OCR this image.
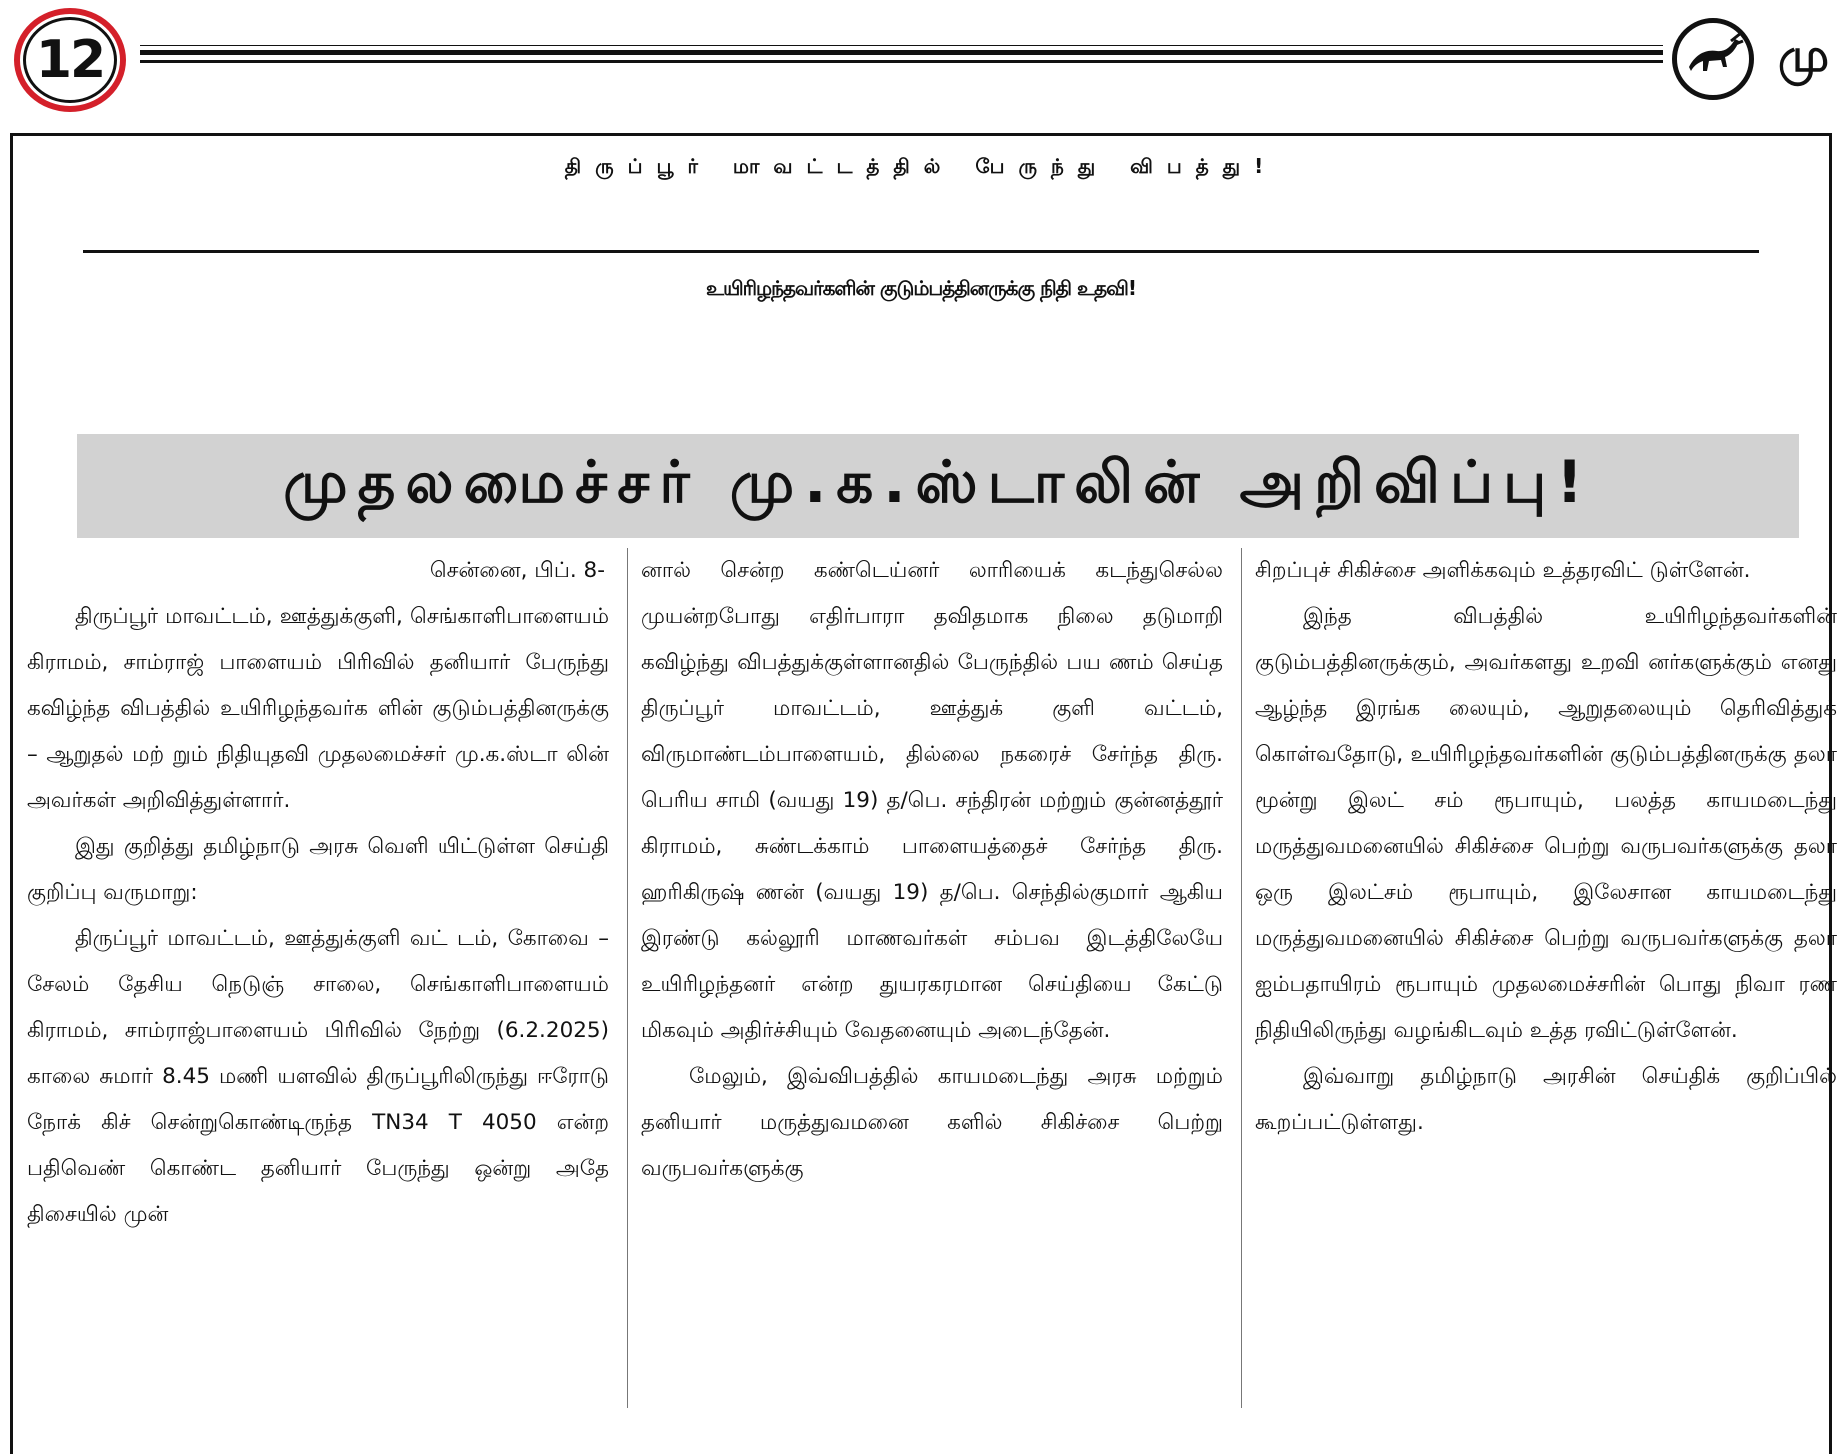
12	மு
திருப்பூர் மாவட்டத்தில் பேருந்து விபத்து!
உயிரிழந்தவர்களின் குடும்பத்தினருக்கு நிதி உதவி!
முதலமைச்சர் மு.க.ஸ்டாலின் அறிவிப்பு!

சென்னை, பிப். 8-

திருப்பூர் மாவட்டம், ஊத்துக்குளி, செங்காளிபாளையம் கிராமம், சாம்ராஜ் பாளையம் பிரிவில் தனியார் பேருந்து கவிழ்ந்த விபத்தில் உயிரிழந்தவர்க ளின் குடும்பத்தினருக்கு – ஆறுதல் மற் றும் நிதியுதவி முதலமைச்சர் மு.க.ஸ்டா லின் அவர்கள் அறிவித்துள்ளார்.

இது குறித்து தமிழ்நாடு அரசு வெளி யிட்டுள்ள செய்தி குறிப்பு வருமாறு:

திருப்பூர் மாவட்டம், ஊத்துக்குளி வட் டம், கோவை – சேலம் தேசிய நெடுஞ் சாலை, செங்காளிபாளையம் கிராமம், சாம்ராஜ்பாளையம் பிரிவில் நேற்று (6.2.2025) காலை சுமார் 8.45 மணி யளவில் திருப்பூரிலிருந்து ஈரோடு நோக் கிச் சென்றுகொண்டிருந்த TN34 T 4050 என்ற பதிவெண் கொண்ட தனியார் பேருந்து ஒன்று அதே திசையில் முன்

னால் சென்ற கண்டெய்னர் லாரியைக் கடந்துசெல்ல முயன்றபோது எதிர்பாரா தவிதமாக நிலை தடுமாறி கவிழ்ந்து விபத்துக்குள்ளானதில் பேருந்தில் பய ணம் செய்த திருப்பூர் மாவட்டம், ஊத்துக் குளி வட்டம், விருமாண்டம்பாளையம், தில்லை நகரைச் சேர்ந்த திரு. பெரிய சாமி (வயது 19) த/பெ. சந்திரன் மற்றும் குன்னத்தூர் கிராமம், சுண்டக்காம் பாளையத்தைச் சேர்ந்த திரு. ஹரிகிருஷ் ணன் (வயது 19) த/பெ. செந்தில்குமார் ஆகிய இரண்டு கல்லூரி மாணவர்கள் சம்பவ இடத்திலேயே உயிரிழந்தனர் என்ற துயரகரமான செய்தியை கேட்டு மிகவும் அதிர்ச்சியும் வேதனையும் அடைந்தேன்.

மேலும், இவ்விபத்தில் காயமடைந்து அரசு மற்றும் தனியார் மருத்துவமனை களில் சிகிச்சை பெற்று வருபவர்களுக்கு

சிறப்புச் சிகிச்சை அளிக்கவும் உத்தரவிட் டுள்ளேன்.

இந்த விபத்தில் உயிரிழந்தவர்களின் குடும்பத்தினருக்கும், அவர்களது உறவி னர்களுக்கும் எனது ஆழ்ந்த இரங்க லையும், ஆறுதலையும் தெரிவித்துக் கொள்வதோடு, உயிரிழந்தவர்களின் குடும்பத்தினருக்கு தலா மூன்று இலட் சம் ரூபாயும், பலத்த காயமடைந்து மருத்துவமனையில் சிகிச்சை பெற்று வருபவர்களுக்கு தலா ஒரு இலட்சம் ரூபாயும், இலேசான காயமடைந்து மருத்துவமனையில் சிகிச்சை பெற்று வருபவர்களுக்கு தலா ஐம்பதாயிரம் ரூபாயும் முதலமைச்சரின் பொது நிவா ரண நிதியிலிருந்து வழங்கிடவும் உத்த ரவிட்டுள்ளேன்.

இவ்வாறு தமிழ்நாடு அரசின் செய்திக் குறிப்பில் கூறப்பட்டுள்ளது.
